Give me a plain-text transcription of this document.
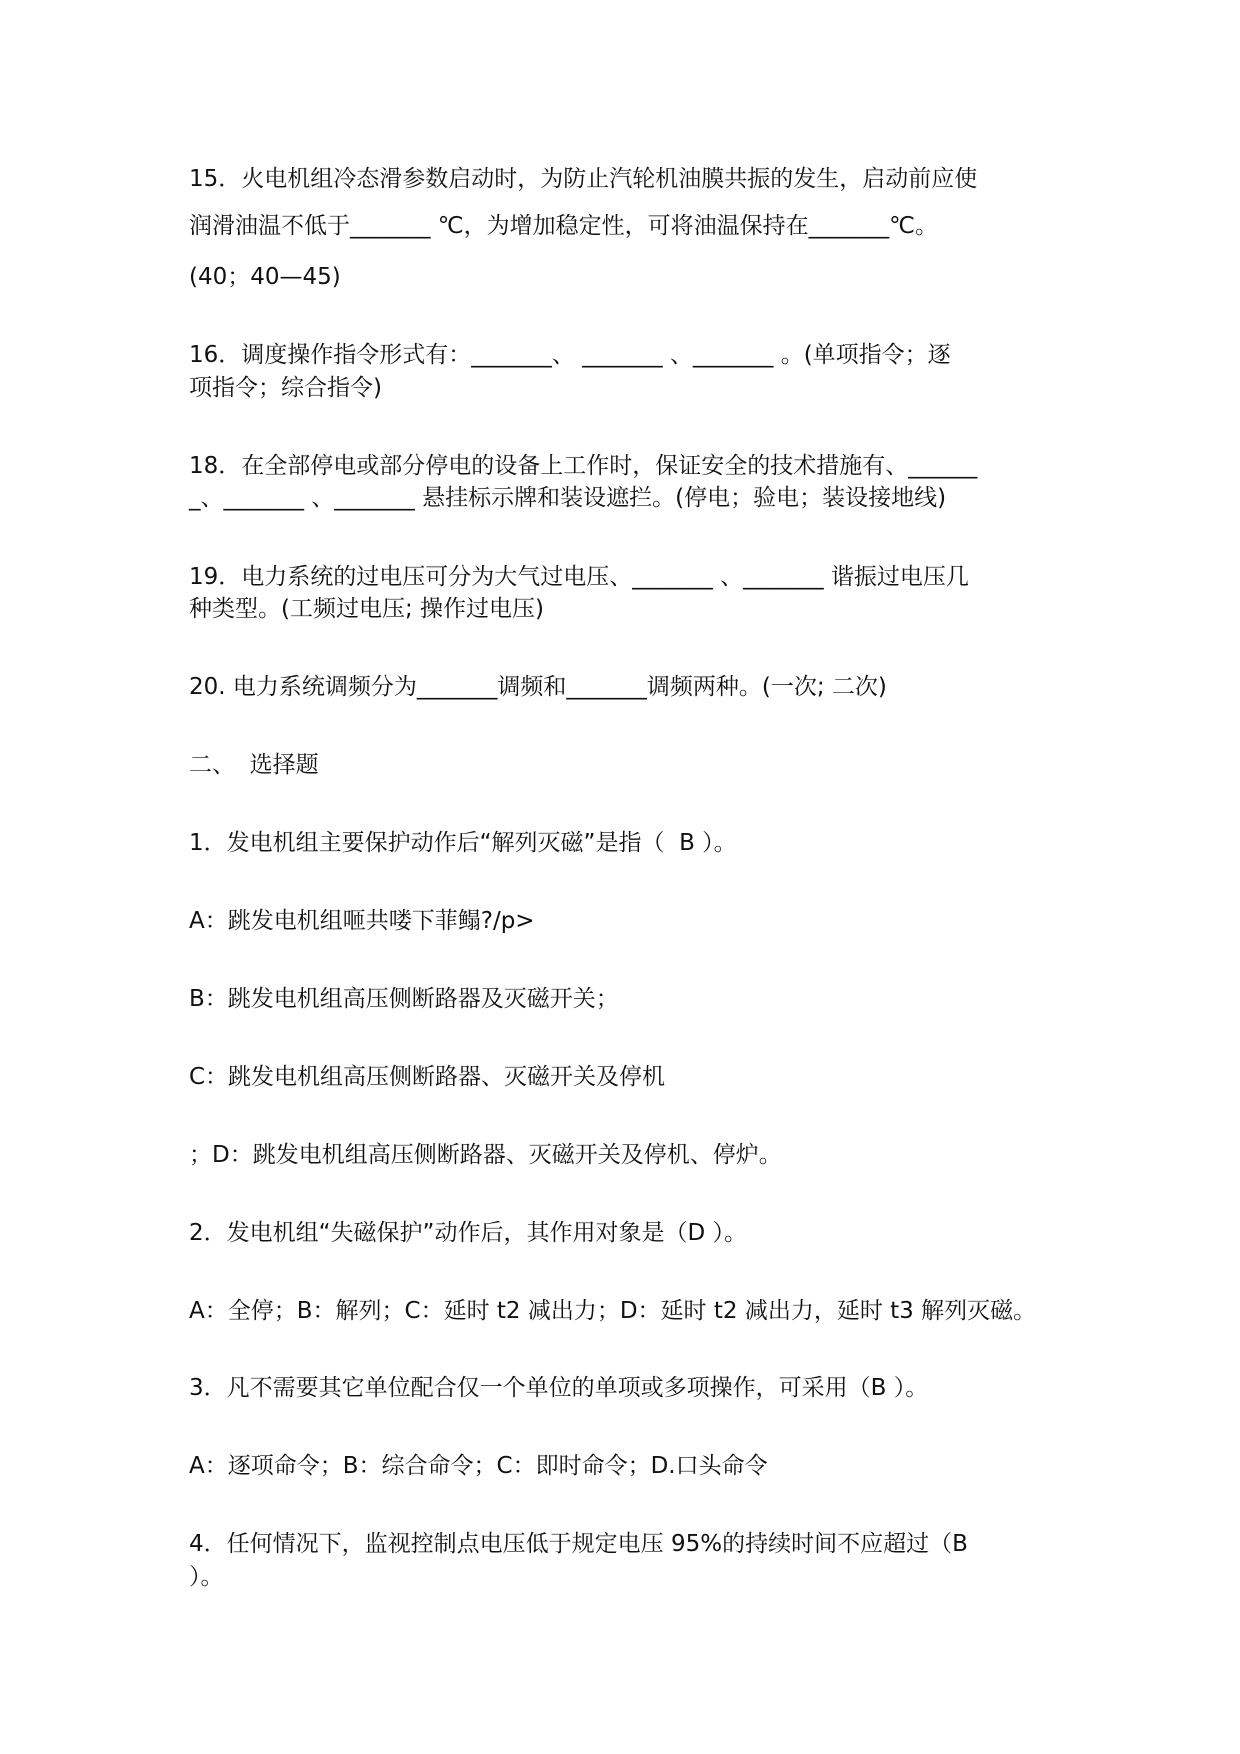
15．火电机组冷态滑参数启动时，为防止汽轮机油膜共振的发生，启动前应使

润滑油温不低于_______ ℃，为增加稳定性，可将油温保持在_______℃。

(40；40—45)

16．调度操作指令形式有：_______、 _______ 、_______ 。(单项指令；逐

项指令；综合指令)

18．在全部停电或部分停电的设备上工作时，保证安全的技术措施有、______

_、_______ 、_______ 悬挂标示牌和装设遮拦。(停电；验电；装设接地线)

19．电力系统的过电压可分为大气过电压、_______ 、_______ 谐振过电压几

种类型。(工频过电压; 操作过电压)

20. 电力系统调频分为_______调频和_______调频两种。(一次; 二次)

二、  选择题

1．发电机组主要保护动作后“解列灭磁”是指（  B ）。

A：跳发电机组咂共喽下菲鳎?/p>

B：跳发电机组高压侧断路器及灭磁开关；

C：跳发电机组高压侧断路器、灭磁开关及停机

；D：跳发电机组高压侧断路器、灭磁开关及停机、停炉。

2．发电机组“失磁保护”动作后，其作用对象是（D ）。

A：全停；B：解列；C：延时 t2 减出力；D：延时 t2 减出力，延时 t3 解列灭磁。

3．凡不需要其它单位配合仅一个单位的单项或多项操作，可采用（B ）。

A：逐项命令；B：综合命令；C：即时命令；D.口头命令

4．任何情况下，监视控制点电压低于规定电压 95%的持续时间不应超过（B

）。
